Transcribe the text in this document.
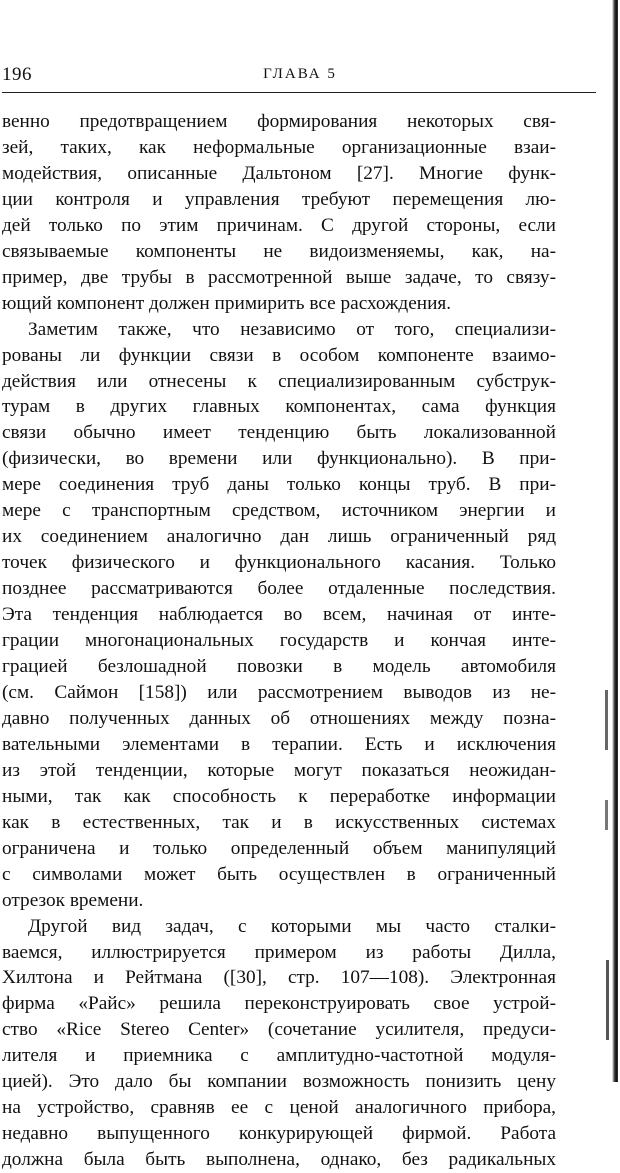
196	ГЛАВА 5
венно предотвращением формирования некоторых свя-
зей, таких, как неформальные организационные взаи-
модействия, описанные Дальтоном [27]. Многие функ-
ции контроля и управления требуют перемещения лю-
дей только по этим причинам. С другой стороны, если
связываемые компоненты не видоизменяемы, как, на-
пример, две трубы в рассмотренной выше задаче, то связу-
ющий компонент должен примирить все расхождения.
Заметим также, что независимо от того, специализи-
рованы ли функции связи в особом компоненте взаимо-
действия или отнесены к специализированным субструк-
турам в других главных компонентах, сама функция
связи обычно имеет тенденцию быть локализованной
(физически, во времени или функционально). В при-
мере соединения труб даны только концы труб. В при-
мере с транспортным средством, источником энергии и
их соединением аналогично дан лишь ограниченный ряд
точек физического и функционального касания. Только
позднее рассматриваются более отдаленные последствия.
Эта тенденция наблюдается во всем, начиная от инте-
грации многонациональных государств и кончая инте-
грацией безлошадной повозки в модель автомобиля
(см. Саймон [158]) или рассмотрением выводов из не-
давно полученных данных об отношениях между позна-
вательными элементами в терапии. Есть и исключения
из этой тенденции, которые могут показаться неожидан-
ными, так как способность к переработке информации
как в естественных, так и в искусственных системах
ограничена и только определенный объем манипуляций
с символами может быть осуществлен в ограниченный
отрезок времени.
Другой вид задач, с которыми мы часто сталки-
ваемся, иллюстрируется примером из работы Дилла,
Хилтона и Рейтмана ([30], стр. 107—108). Электронная
фирма «Райс» решила переконструировать свое устрой-
ство «Rice Stereo Center» (сочетание усилителя, предуси-
лителя и приемника с амплитудно-частотной модуля-
цией). Это дало бы компании возможность понизить цену
на устройство, сравняв ее с ценой аналогичного прибора,
недавно выпущенного конкурирующей фирмой. Работа
должна была быть выполнена, однако, без радикальных
